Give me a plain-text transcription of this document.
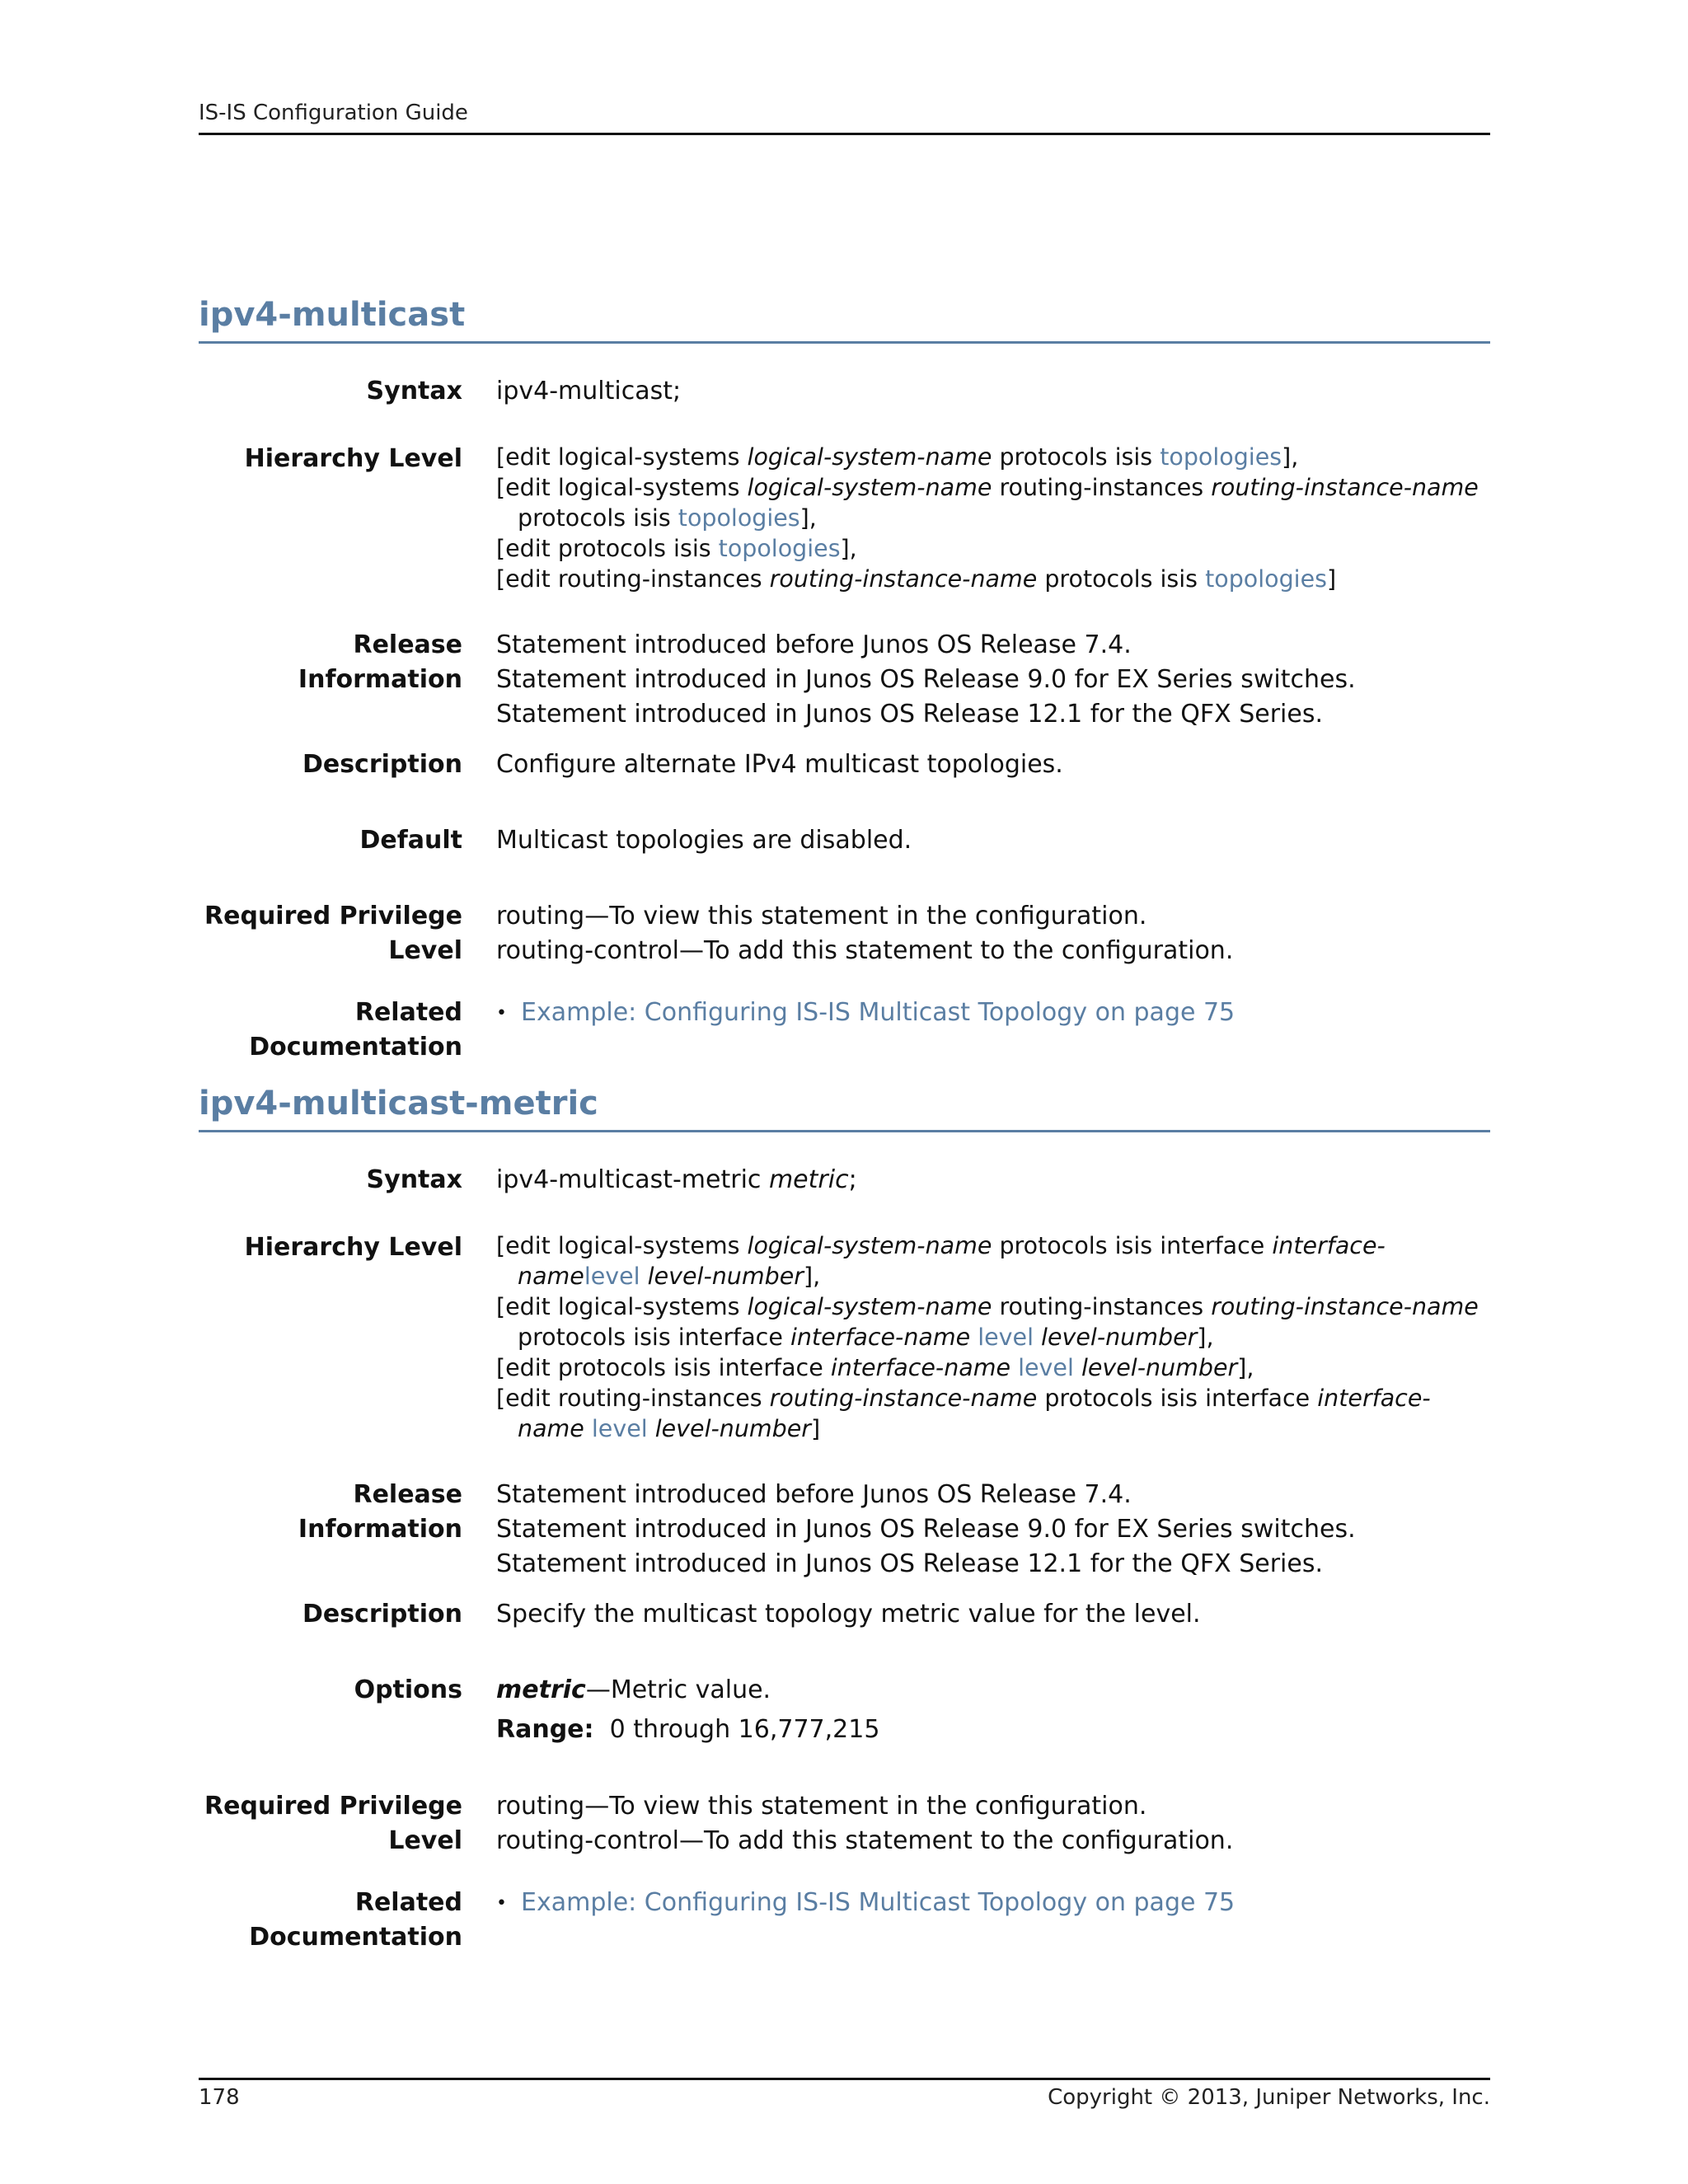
IS-IS Configuration Guide
ipv4-multicast
Syntax ipv4-multicast;
Hierarchy Level [edit logical-systems logical-system-name protocols isis topologies],
[edit logical-systems logical-system-name routing-instances routing-instance-name protocols isis topologies],
[edit protocols isis topologies],
[edit routing-instances routing-instance-name protocols isis topologies]
Release Information
Statement introduced before Junos OS Release 7.4.
Statement introduced in Junos OS Release 9.0 for EX Series switches.
Statement introduced in Junos OS Release 12.1 for the QFX Series.
Description Configure alternate IPv4 multicast topologies.
Default Multicast topologies are disabled.
Required Privilege
Level
routing—To view this statement in the configuration.
routing-control—To add this statement to the configuration.
Related
Documentation
• Example: Configuring IS-IS Multicast Topology on page 75
ipv4-multicast-metric
Syntax ipv4-multicast-metric metric;
Hierarchy Level [edit logical-systems logical-system-name protocols isis interface interface-namelevel level-number],
[edit logical-systems logical-system-name routing-instances routing-instance-name protocols isis interface interface-name level level-number],
[edit protocols isis interface interface-name level level-number],
[edit routing-instances routing-instance-name protocols isis interface interface-name level level-number]
Release Information
Statement introduced before Junos OS Release 7.4.
Statement introduced in Junos OS Release 9.0 for EX Series switches.
Statement introduced in Junos OS Release 12.1 for the QFX Series.
Description Specify the multicast topology metric value for the level.
Options metric—Metric value.
Range: 0 through 16,777,215
Required Privilege
Level
routing—To view this statement in the configuration.
routing-control—To add this statement to the configuration.
Related
Documentation
• Example: Configuring IS-IS Multicast Topology on page 75
178	Copyright © 2013, Juniper Networks, Inc.
